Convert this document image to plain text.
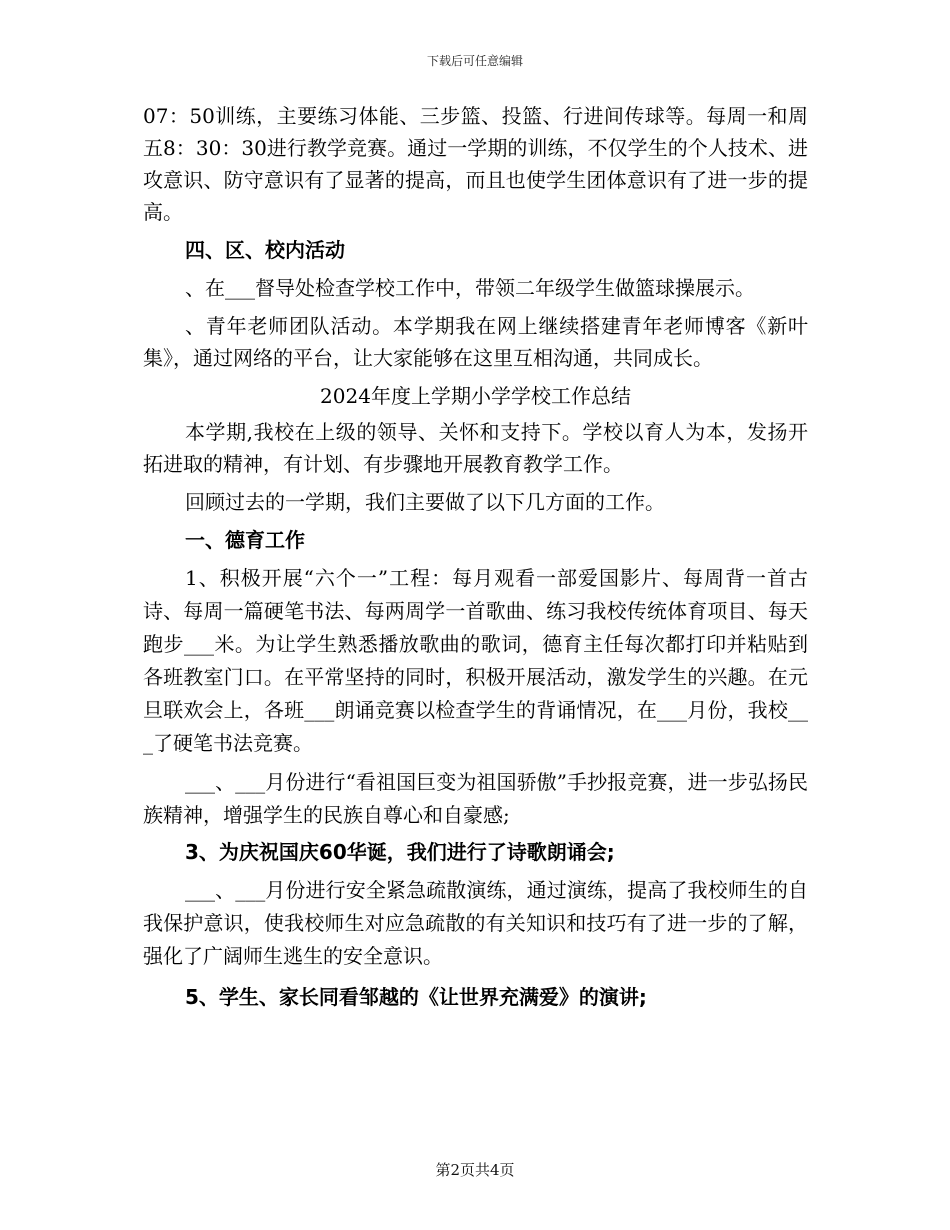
下载后可任意编辑

07：50训练，主要练习体能、三步篮、投篮、行进间传球等。每周一和周五8：30：30进行教学竞赛。通过一学期的训练，不仅学生的个人技术、进攻意识、防守意识有了显著的提高，而且也使学生团体意识有了进一步的提高。

四、区、校内活动

、在___督导处检查学校工作中，带领二年级学生做篮球操展示。

、青年老师团队活动。本学期我在网上继续搭建青年老师博客《新叶集》，通过网络的平台，让大家能够在这里互相沟通，共同成长。

2024年度上学期小学学校工作总结

本学期,我校在上级的领导、关怀和支持下。学校以育人为本，发扬开拓进取的精神，有计划、有步骤地开展教育教学工作。

回顾过去的一学期，我们主要做了以下几方面的工作。

一、德育工作

1、积极开展“六个一”工程：每月观看一部爱国影片、每周背一首古诗、每周一篇硬笔书法、每两周学一首歌曲、练习我校传统体育项目、每天跑步___米。为让学生熟悉播放歌曲的歌词，德育主任每次都打印并粘贴到各班教室门口。在平常坚持的同时，积极开展活动，激发学生的兴趣。在元旦联欢会上，各班___朗诵竞赛以检查学生的背诵情况，在___月份，我校___了硬笔书法竞赛。

___、___月份进行“看祖国巨变为祖国骄傲”手抄报竞赛，进一步弘扬民族精神，增强学生的民族自尊心和自豪感;

3、为庆祝国庆60华诞，我们进行了诗歌朗诵会;

___、___月份进行安全紧急疏散演练，通过演练，提高了我校师生的自我保护意识，使我校师生对应急疏散的有关知识和技巧有了进一步的了解，强化了广阔师生逃生的安全意识。

5、学生、家长同看邹越的《让世界充满爱》的演讲;

第2页共4页
